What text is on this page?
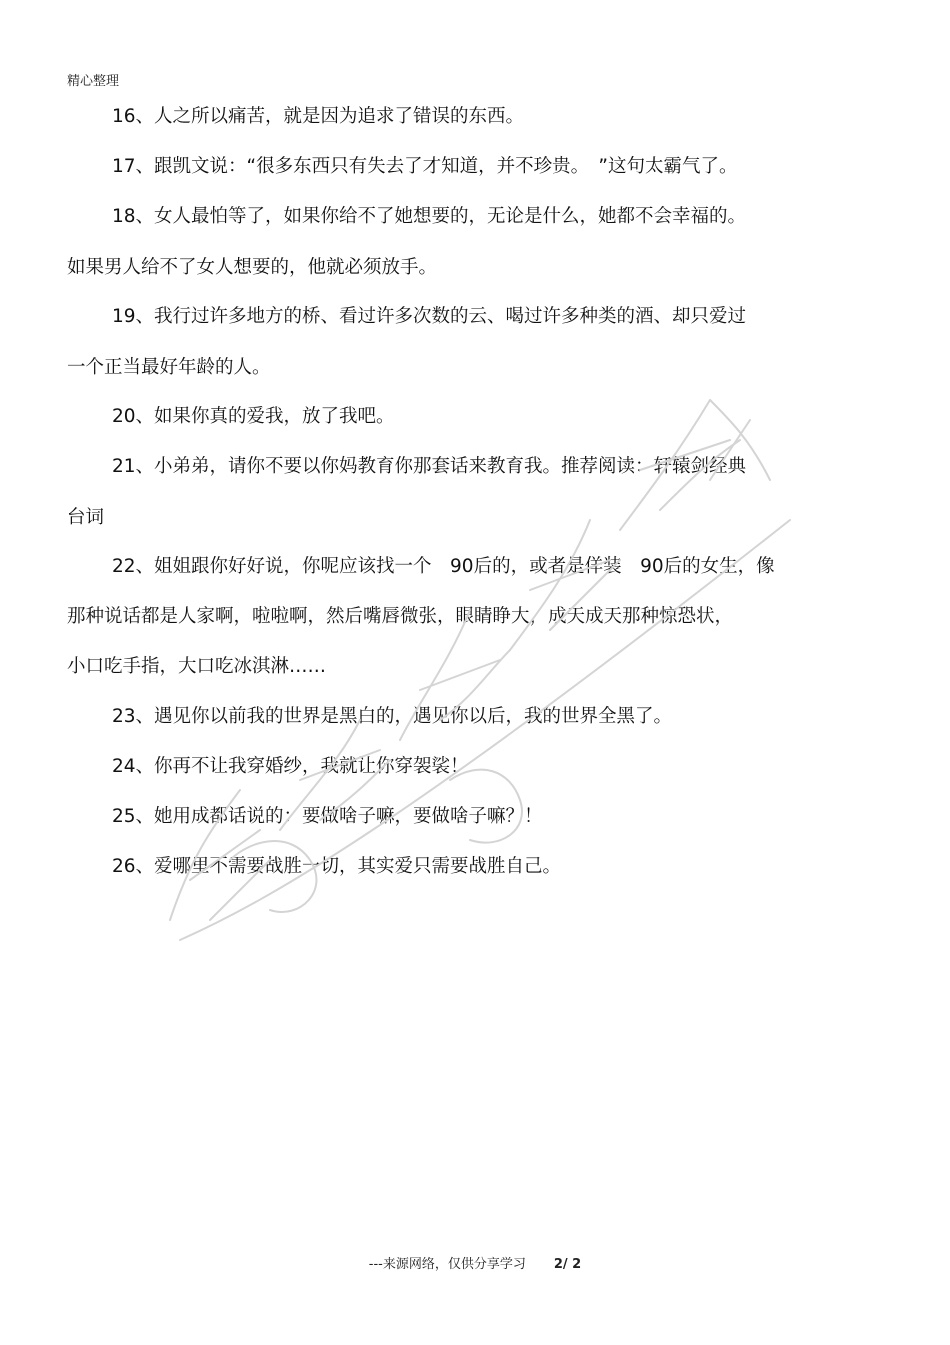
精心整理
16、人之所以痛苦，就是因为追求了错误的东西。
17、跟凯文说：“很多东西只有失去了才知道，并不珍贵。　”这句太霸气了。
18、女人最怕等了，如果你给不了她想要的，无论是什么，她都不会幸福的。
如果男人给不了女人想要的，他就必须放手。
19、我行过许多地方的桥、看过许多次数的云、喝过许多种类的酒、却只爱过
一个正当最好年龄的人。
20、如果你真的爱我，放了我吧。
21、小弟弟，请你不要以你妈教育你那套话来教育我。推荐阅读：轩辕剑经典
台词
22、姐姐跟你好好说，你呢应该找一个　90后的，或者是佯装　90后的女生，像
那种说话都是人家啊，啦啦啊，然后嘴唇微张，眼睛睁大，成天成天那种惊恐状，
小口吃手指，大口吃冰淇淋……
23、遇见你以前我的世界是黑白的，遇见你以后，我的世界全黑了。
24、你再不让我穿婚纱，我就让你穿袈裟！
25、她用成都话说的：要做啥子嘛，要做啥子嘛？！
26、爱哪里不需要战胜一切，其实爱只需要战胜自己。
---来源网络，仅供分享学习 2/ 2
